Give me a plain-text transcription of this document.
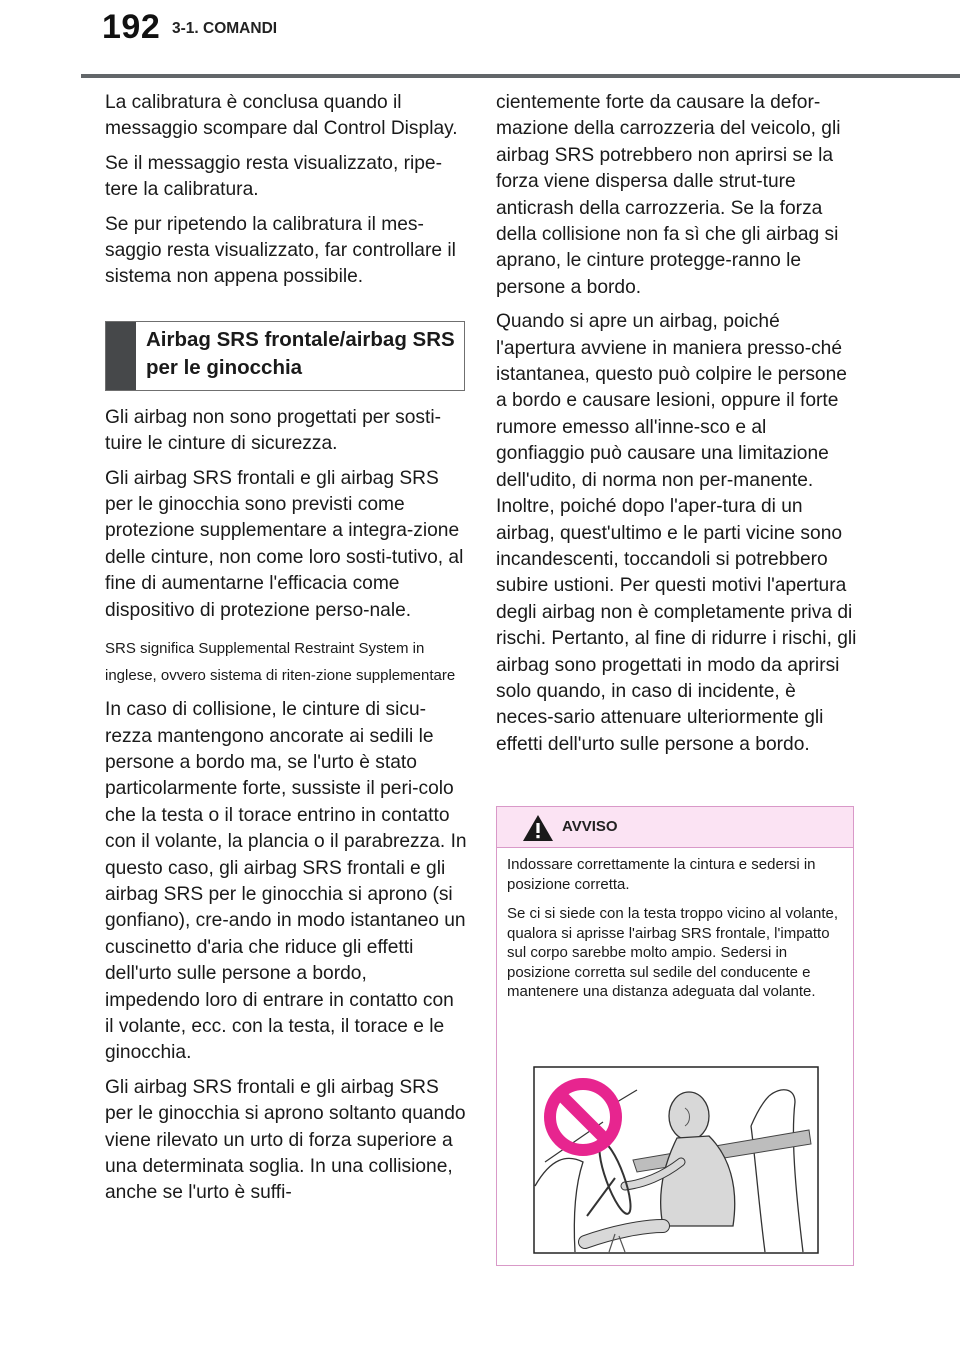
192 3-1. COMANDI

La calibratura è conclusa quando il messaggio scompare dal Control Display.

Se il messaggio resta visualizzato, ripe-tere la calibratura.

Se pur ripetendo la calibratura il mes-saggio resta visualizzato, far controllare il sistema non appena possibile.

Airbag SRS frontale/airbag SRS per le ginocchia

Gli airbag non sono progettati per sosti-tuire le cinture di sicurezza.

Gli airbag SRS frontali e gli airbag SRS per le ginocchia sono previsti come protezione supplementare a integra-zione delle cinture, non come loro sosti-tutivo, al fine di aumentarne l'efficacia come dispositivo di protezione perso-nale.

SRS significa Supplemental Restraint System in inglese, ovvero sistema di riten-zione supplementare

In caso di collisione, le cinture di sicu-rezza mantengono ancorate ai sedili le persone a bordo ma, se l'urto è stato particolarmente forte, sussiste il peri-colo che la testa o il torace entrino in contatto con il volante, la plancia o il parabrezza. In questo caso, gli airbag SRS frontali e gli airbag SRS per le ginocchia si aprono (si gonfiano), cre-ando in modo istantaneo un cuscinetto d'aria che riduce gli effetti dell'urto sulle persone a bordo, impedendo loro di entrare in contatto con il volante, ecc. con la testa, il torace e le ginocchia.

Gli airbag SRS frontali e gli airbag SRS per le ginocchia si aprono soltanto quando viene rilevato un urto di forza superiore a una determinata soglia. In una collisione, anche se l'urto è suffi-

cientemente forte da causare la defor-mazione della carrozzeria del veicolo, gli airbag SRS potrebbero non aprirsi se la forza viene dispersa dalle strut-ture anticrash della carrozzeria. Se la forza della collisione non fa sì che gli airbag si aprano, le cinture protegge-ranno le persone a bordo.

Quando si apre un airbag, poiché l'apertura avviene in maniera presso-ché istantanea, questo può colpire le persone a bordo e causare lesioni, oppure il forte rumore emesso all'inne-sco e al gonfiaggio può causare una limitazione dell'udito, di norma non per-manente. Inoltre, poiché dopo l'aper-tura di un airbag, quest'ultimo e le parti vicine sono incandescenti, toccandoli si potrebbero subire ustioni. Per questi motivi l'apertura degli airbag non è completamente priva di rischi. Pertanto, al fine di ridurre i rischi, gli airbag sono progettati in modo da aprirsi solo quando, in caso di incidente, è neces-sario attenuare ulteriormente gli effetti dell'urto sulle persone a bordo.

AVVISO

Indossare correttamente la cintura e sedersi in posizione corretta.

Se ci si siede con la testa troppo vicino al volante, qualora si aprisse l'airbag SRS frontale, l'impatto sul corpo sarebbe molto ampio. Sedersi in posizione corretta sul sedile del conducente e mantenere una distanza adeguata dal volante.
